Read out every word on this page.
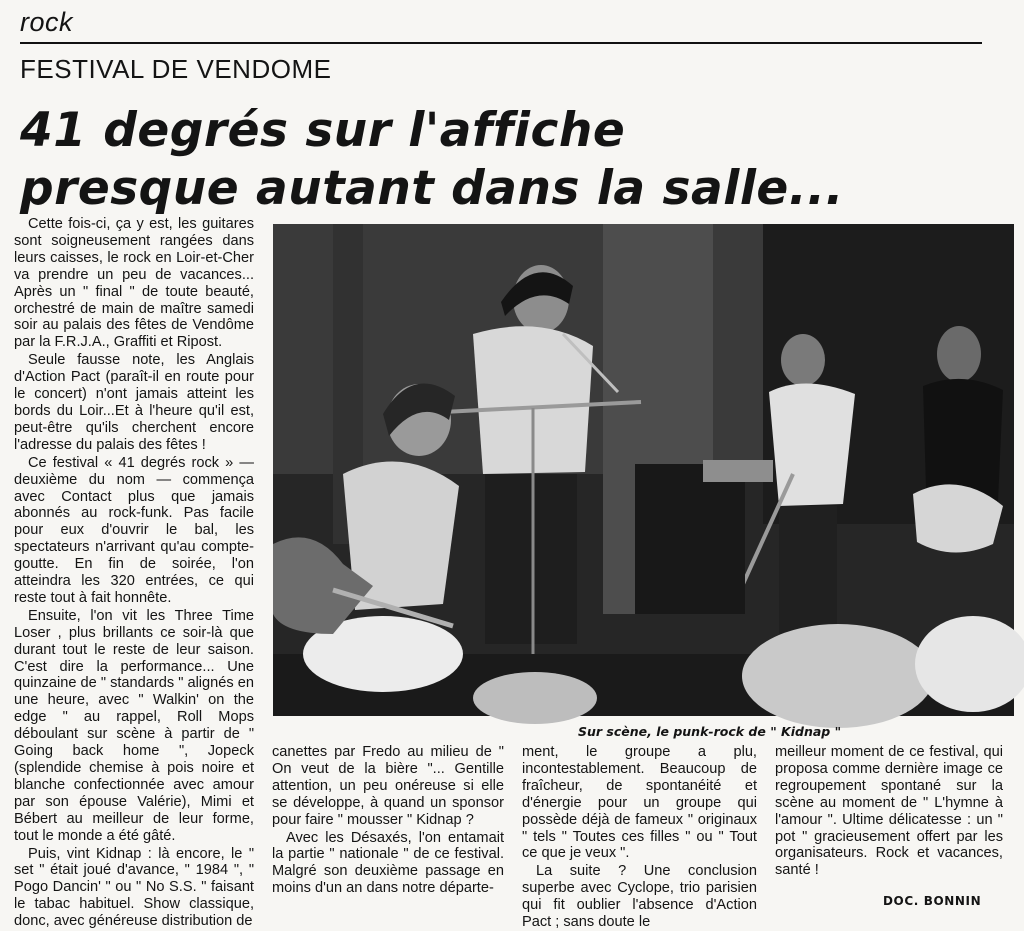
rock
FESTIVAL DE VENDOME
41 degrés sur l'affiche
presque autant dans la salle...

Cette fois-ci, ça y est, les guitares sont soigneusement rangées dans leurs caisses, le rock en Loir-et-Cher va prendre un peu de vacances... Après un " final " de toute beauté, orchestré de main de maître samedi soir au palais des fêtes de Vendôme par la F.R.J.A., Graffiti et Ripost.

Seule fausse note, les Anglais d'Action Pact (paraît-il en route pour le concert) n'ont jamais atteint les bords du Loir...Et à l'heure qu'il est, peut-être qu'ils cherchent encore l'adresse du palais des fêtes !

Ce festival « 41 degrés rock » — deuxième du nom — commença avec Contact plus que jamais abonnés au rock-funk. Pas facile pour eux d'ouvrir le bal, les spectateurs n'arrivant qu'au compte-goutte. En fin de soirée, l'on atteindra les 320 entrées, ce qui reste tout à fait honnête.

Ensuite, l'on vit les Three Time Loser , plus brillants ce soir-là que durant tout le reste de leur saison. C'est dire la performance... Une quinzaine de " standards " alignés en une heure, avec " Walkin' on the edge " au rappel, Roll Mops déboulant sur scène à partir de " Going back home ", Jopeck (splendide chemise à pois noire et blanche confectionnée avec amour par son épouse Valérie), Mimi et Bébert au meilleur de leur forme, tout le monde a été gâté.

Puis, vint Kidnap : là encore, le " set " était joué d'avance, " 1984 ", " Pogo Dancin' " ou " No S.S. " faisant le tabac habituel. Show classique, donc, avec généreuse distribution de

Sur scène, le punk-rock de " Kidnap "

canettes par Fredo au milieu de " On veut de la bière "... Gentille attention, un peu onéreuse si elle se développe, à quand un sponsor pour faire " mousser " Kidnap ?

Avec les Désaxés, l'on entamait la partie " nationale " de ce festival. Malgré son deuxième passage en moins d'un an dans notre départe-

ment, le groupe a plu, incontestablement. Beaucoup de fraîcheur, de spontanéité et d'énergie pour un groupe qui possède déjà de fameux " originaux " tels " Toutes ces filles " ou " Tout ce que je veux ".

La suite ? Une conclusion superbe avec Cyclope, trio parisien qui fit oublier l'absence d'Action Pact ; sans doute le

meilleur moment de ce festival, qui proposa comme dernière image ce regroupement spontané sur la scène au moment de " L'hymne à l'amour ". Ultime délicatesse : un " pot " gracieusement offert par les organisateurs. Rock et vacances, santé !

DOC. BONNIN
